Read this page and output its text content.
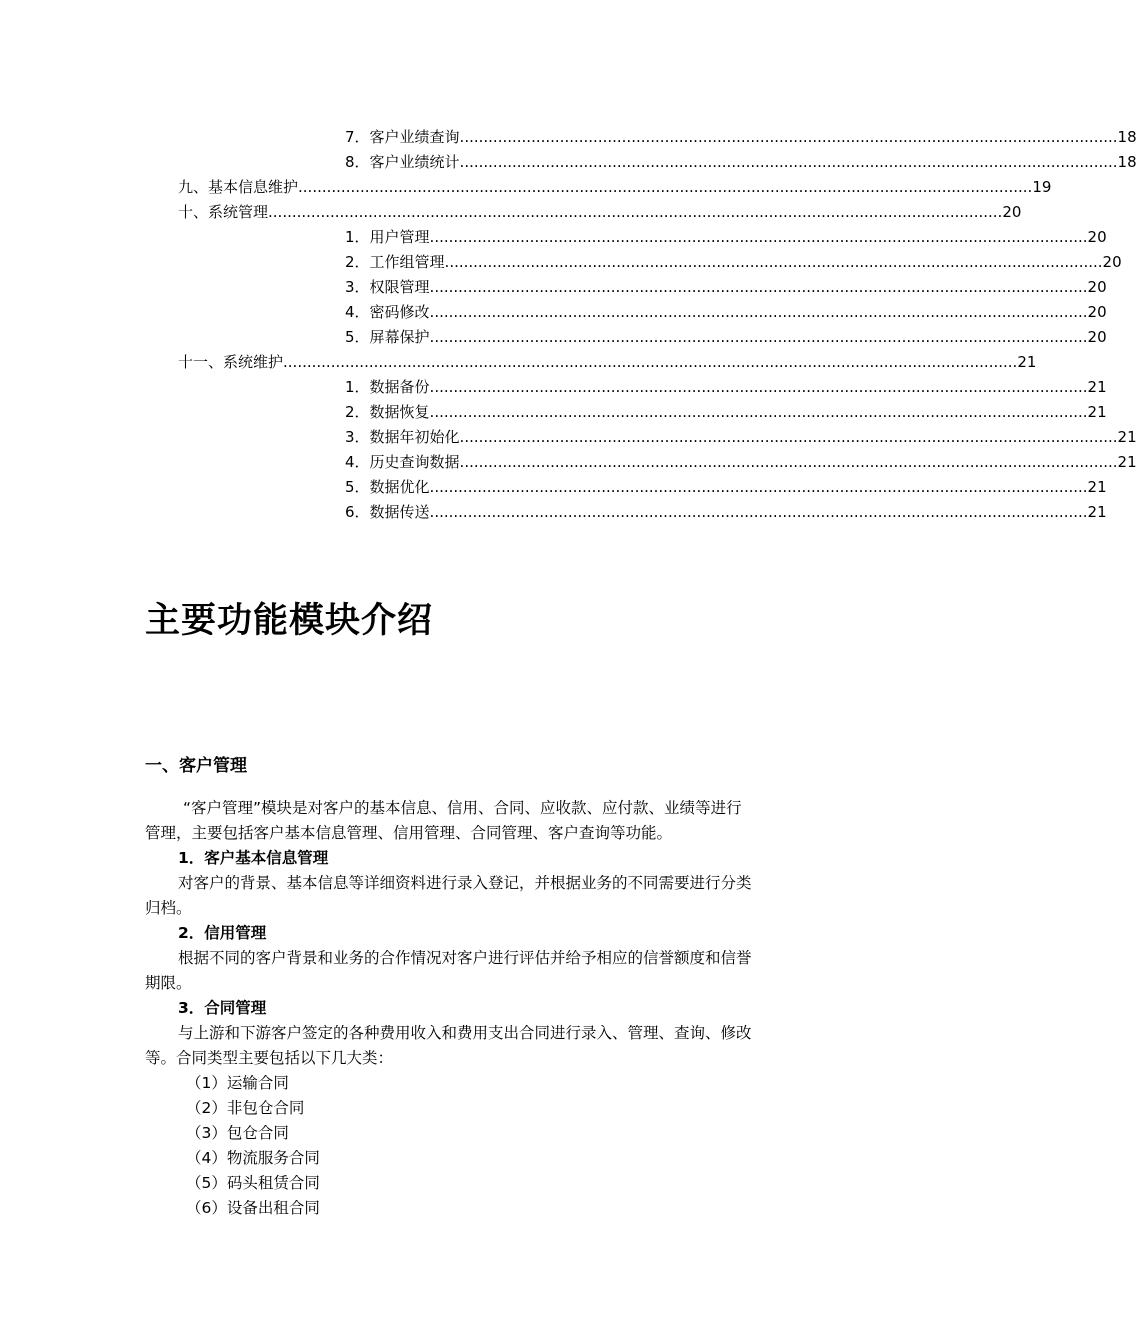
7．客户业绩查询 .......................................................................................................................................... 18
8．客户业绩统计 .......................................................................................................................................... 18
九、基本信息维护 .......................................................................................................................................................... 19
十、系统管理 .......................................................................................................................................................... 20
1．用户管理 .......................................................................................................................................... 20
2．工作组管理 .......................................................................................................................................... 20
3．权限管理 .......................................................................................................................................... 20
4．密码修改 .......................................................................................................................................... 20
5．屏幕保护 .......................................................................................................................................... 20
十一、系统维护 .......................................................................................................................................................... 21
1．数据备份 .......................................................................................................................................... 21
2．数据恢复 .......................................................................................................................................... 21
3．数据年初始化 .......................................................................................................................................... 21
4．历史查询数据 .......................................................................................................................................... 21
5．数据优化 .......................................................................................................................................... 21
6．数据传送 .......................................................................................................................................... 21
主要功能模块介绍
一、客户管理

“客户管理”模块是对客户的基本信息、信用、合同、应收款、应付款、业绩等进行

管理，主要包括客户基本信息管理、信用管理、合同管理、客户查询等功能。

1．客户基本信息管理

对客户的背景、基本信息等详细资料进行录入登记，并根据业务的不同需要进行分类

归档。

2．信用管理

根据不同的客户背景和业务的合作情况对客户进行评估并给予相应的信誉额度和信誉

期限。

3．合同管理

与上游和下游客户签定的各种费用收入和费用支出合同进行录入、管理、查询、修改

等。合同类型主要包括以下几大类：

（1）运输合同
（2）非包仓合同
（3）包仓合同
（4）物流服务合同
（5）码头租赁合同
（6）设备出租合同
